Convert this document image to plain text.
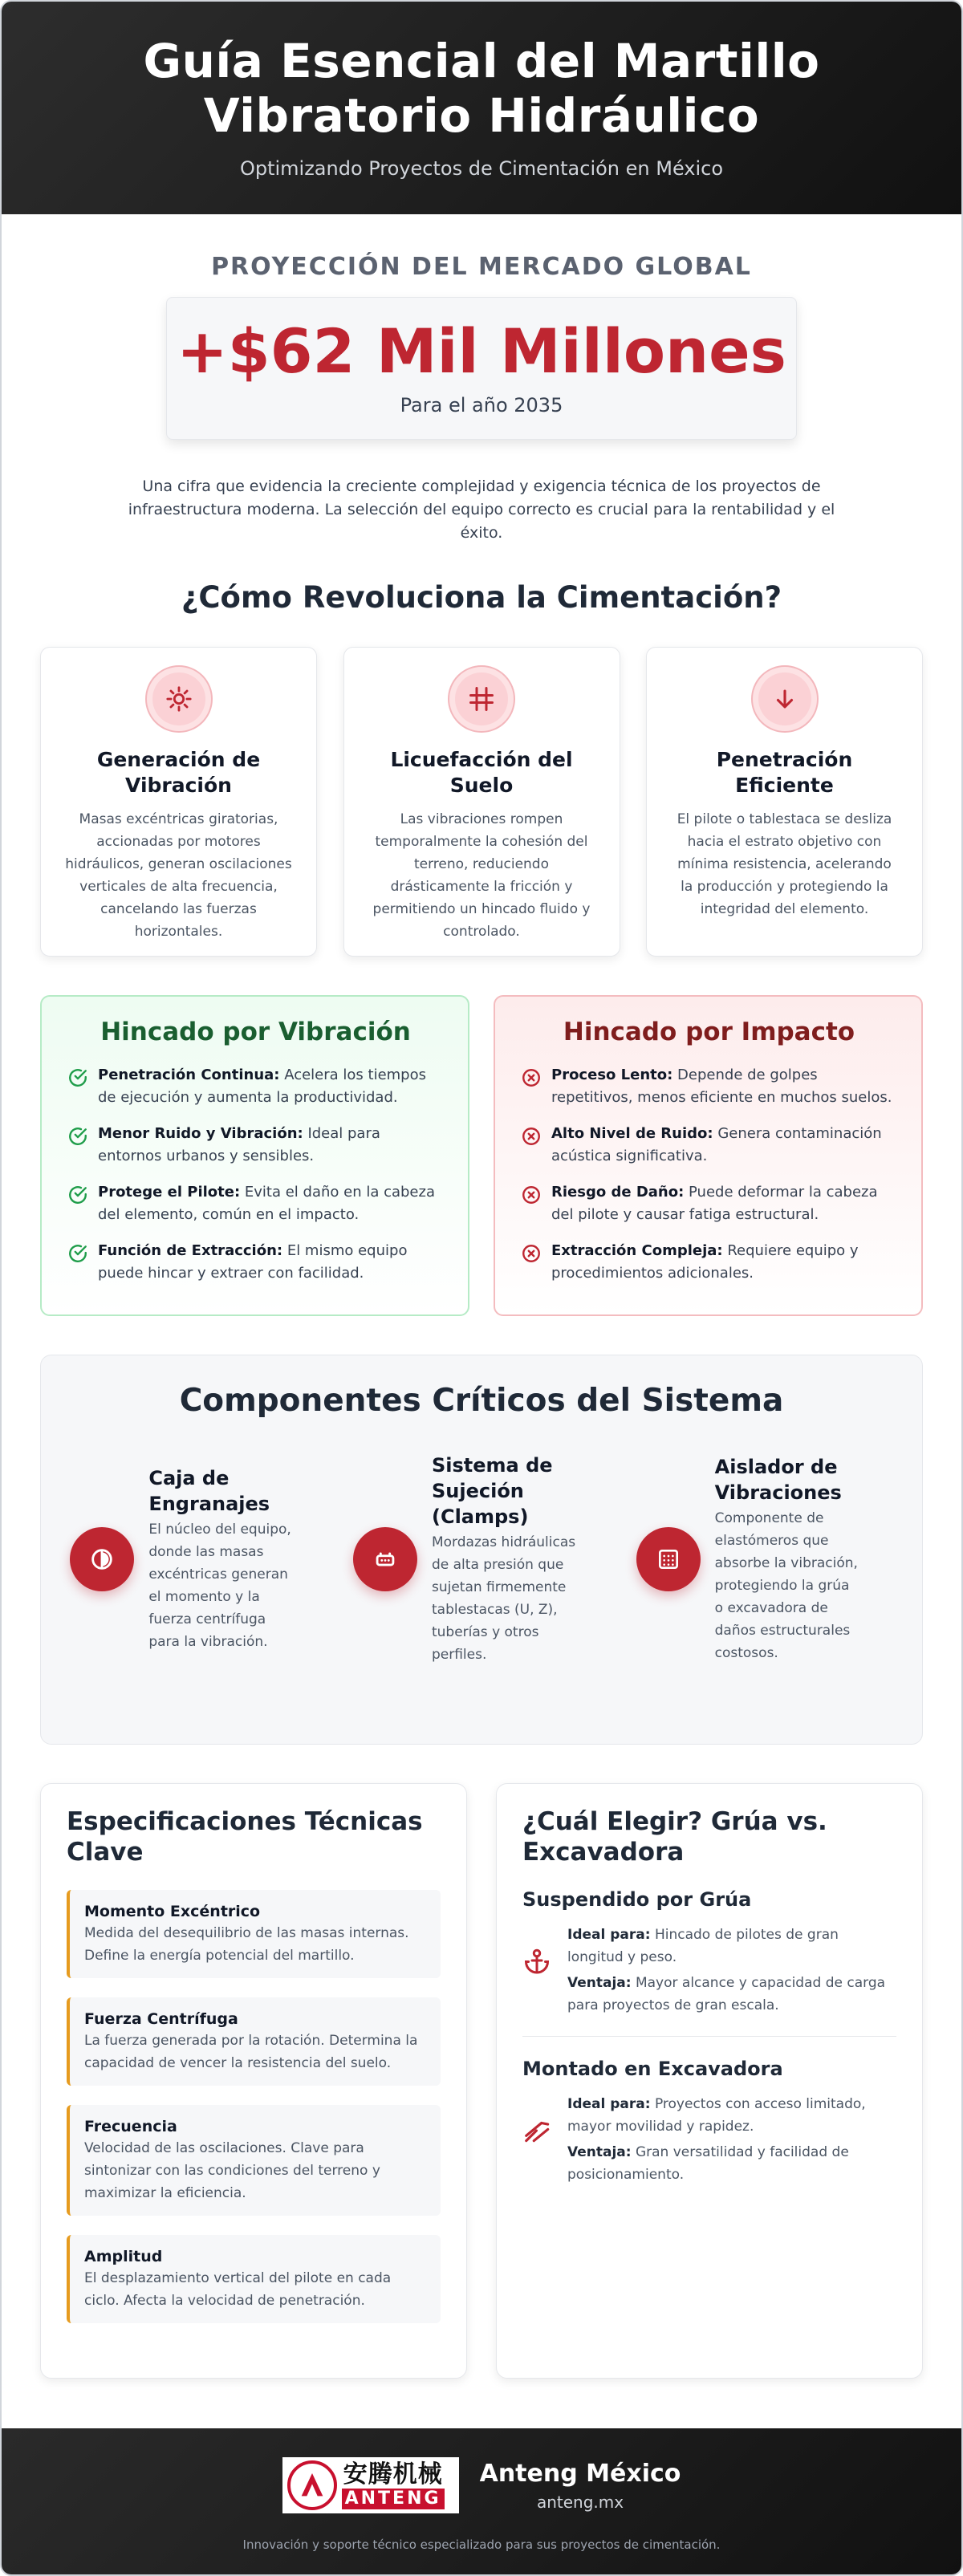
Guía Esencial del Martillo
Vibratorio Hidráulico
Optimizando Proyectos de Cimentación en México
PROYECCIÓN DEL MERCADO GLOBAL
+$62 Mil Millones
Para el año 2035

Una cifra que evidencia la creciente complejidad y exigencia técnica de los proyectos de infraestructura moderna. La selección del equipo correcto es crucial para la rentabilidad y el éxito.

¿Cómo Revoluciona la Cimentación?
Generación de Vibración

Masas excéntricas giratorias, accionadas por motores hidráulicos, generan oscilaciones verticales de alta frecuencia, cancelando las fuerzas horizontales.

Licuefacción del Suelo

Las vibraciones rompen temporalmente la cohesión del terreno, reduciendo drásticamente la fricción y permitiendo un hincado fluido y controlado.

Penetración Eficiente

El pilote o tablestaca se desliza hacia el estrato objetivo con mínima resistencia, acelerando la producción y protegiendo la integridad del elemento.

Hincado por Vibración
Penetración Continua: Acelera los tiempos de ejecución y aumenta la productividad.
Menor Ruido y Vibración: Ideal para entornos urbanos y sensibles.
Protege el Pilote: Evita el daño en la cabeza del elemento, común en el impacto.
Función de Extracción: El mismo equipo puede hincar y extraer con facilidad.
Hincado por Impacto
Proceso Lento: Depende de golpes repetitivos, menos eficiente en muchos suelos.
Alto Nivel de Ruido: Genera contaminación acústica significativa.
Riesgo de Daño: Puede deformar la cabeza del pilote y causar fatiga estructural.
Extracción Compleja: Requiere equipo y procedimientos adicionales.
Componentes Críticos del Sistema
Caja de Engranajes

El núcleo del equipo, donde las masas excéntricas generan el momento y la fuerza centrífuga para la vibración.

Sistema de Sujeción (Clamps)

Mordazas hidráulicas de alta presión que sujetan firmemente tablestacas (U, Z), tuberías y otros perfiles.

Aislador de Vibraciones

Componente de elastómeros que absorbe la vibración, protegiendo la grúa o excavadora de daños estructurales costosos.

Especificaciones Técnicas Clave
Momento Excéntrico

Medida del desequilibrio de las masas internas. Define la energía potencial del martillo.

Fuerza Centrífuga

La fuerza generada por la rotación. Determina la capacidad de vencer la resistencia del suelo.

Frecuencia

Velocidad de las oscilaciones. Clave para sintonizar con las condiciones del terreno y maximizar la eficiencia.

Amplitud

El desplazamiento vertical del pilote en cada ciclo. Afecta la velocidad de penetración.

¿Cuál Elegir? Grúa vs. Excavadora
Suspendido por Grúa
Ideal para: Hincado de pilotes de gran longitud y peso.
Ventaja: Mayor alcance y capacidad de carga para proyectos de gran escala.
Montado en Excavadora
Ideal para: Proyectos con acceso limitado, mayor movilidad y rapidez.
Ventaja: Gran versatilidad y facilidad de posicionamiento.
安腾机械
ANTENG
Anteng México
anteng.mx
Innovación y soporte técnico especializado para sus proyectos de cimentación.
